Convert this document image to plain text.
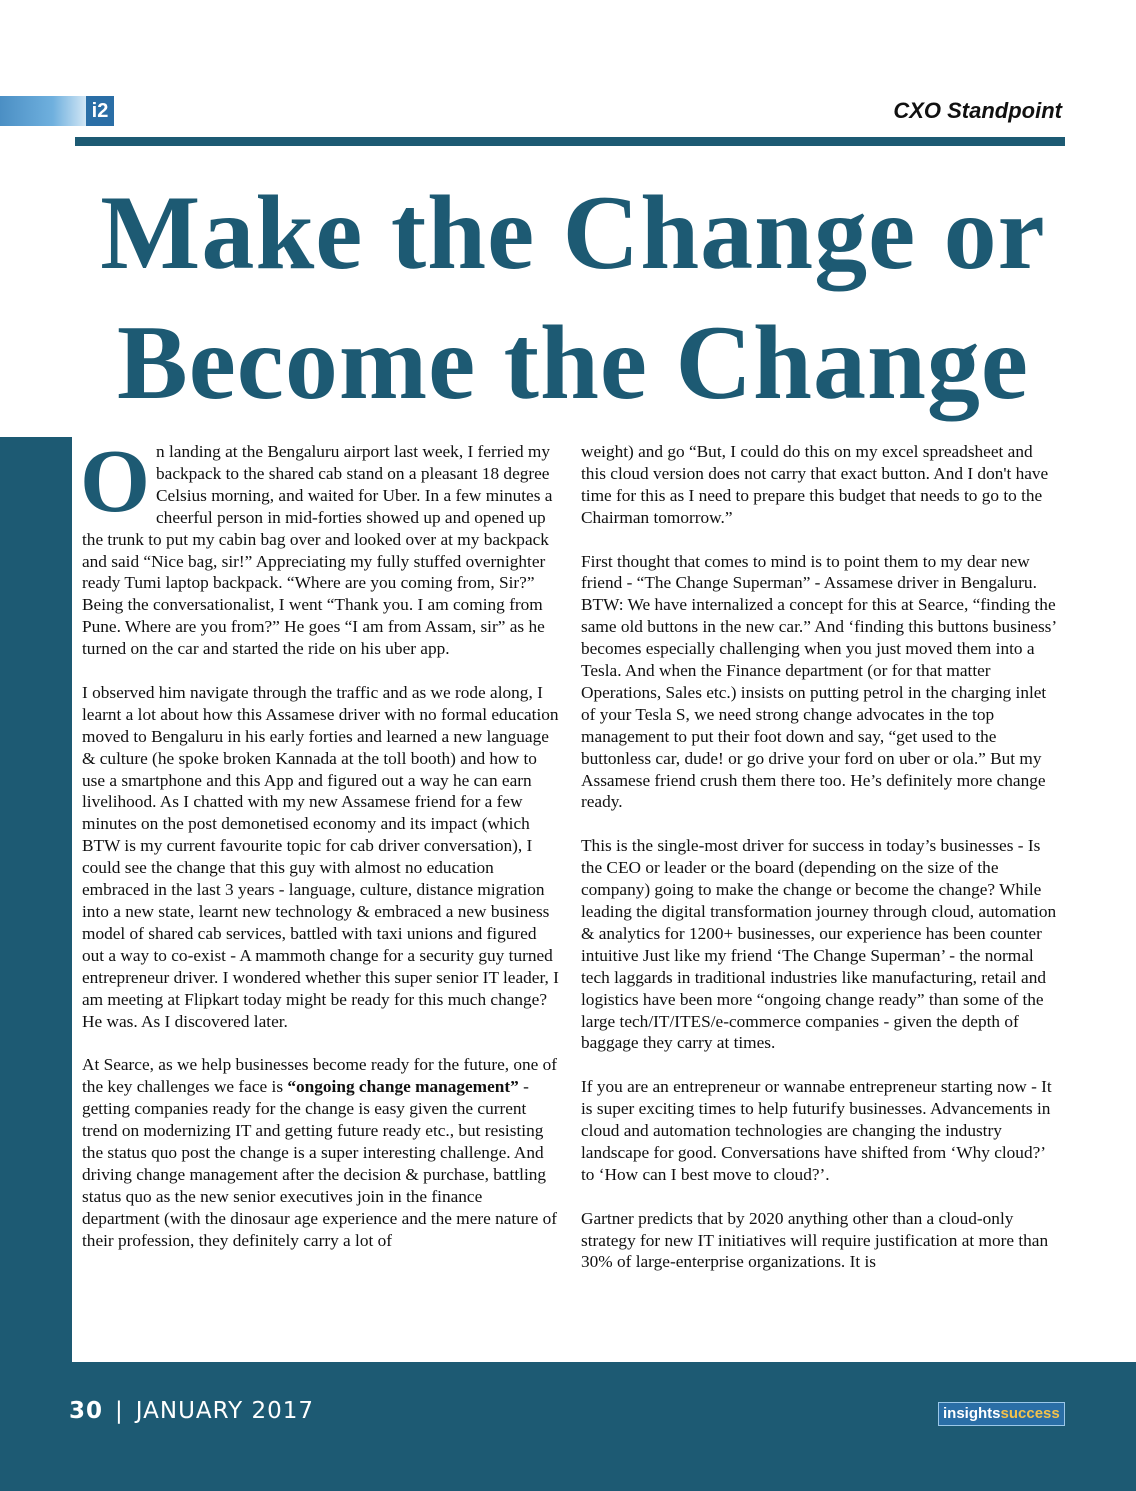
i2	CXO Standpoint
Make the Change or
Become the Change

On landing at the Bengaluru airport last week, I ferried my backpack to the shared cab stand on a pleasant 18 degree Celsius morning, and waited for Uber. In a few minutes a cheerful person in mid-forties showed up and opened up the trunk to put my cabin bag over and looked over at my backpack and said “Nice bag, sir!” Appreciating my fully stuffed overnighter ready Tumi laptop backpack. “Where are you coming from, Sir?” Being the conversationalist, I went “Thank you. I am coming from Pune. Where are you from?” He goes “I am from Assam, sir” as he turned on the car and started the ride on his uber app.

I observed him navigate through the traffic and as we rode along, I learnt a lot about how this Assamese driver with no formal education moved to Bengaluru in his early forties and learned a new language & culture (he spoke broken Kannada at the toll booth) and how to use a smartphone and this App and figured out a way he can earn livelihood. As I chatted with my new Assamese friend for a few minutes on the post demonetised economy and its impact (which BTW is my current favourite topic for cab driver conversation), I could see the change that this guy with almost no education embraced in the last 3 years - language, culture, distance migration into a new state, learnt new technology & embraced a new business model of shared cab services, battled with taxi unions and figured out a way to co-exist - A mammoth change for a security guy turned entrepreneur driver. I wondered whether this super senior IT leader, I am meeting at Flipkart today might be ready for this much change? He was. As I discovered later.

At Searce, as we help businesses become ready for the future, one of the key challenges we face is “ongoing change management” - getting companies ready for the change is easy given the current trend on modernizing IT and getting future ready etc., but resisting the status quo post the change is a super interesting challenge. And driving change management after the decision & purchase, battling status quo as the new senior executives join in the finance department (with the dinosaur age experience and the mere nature of their profession, they definitely carry a lot of

weight) and go “But, I could do this on my excel spreadsheet and this cloud version does not carry that exact button. And I don't have time for this as I need to prepare this budget that needs to go to the Chairman tomorrow.”

First thought that comes to mind is to point them to my dear new friend - “The Change Superman” - Assamese driver in Bengaluru. BTW: We have internalized a concept for this at Searce, “finding the same old buttons in the new car.” And ‘finding this buttons business’ becomes especially challenging when you just moved them into a Tesla. And when the Finance department (or for that matter Operations, Sales etc.) insists on putting petrol in the charging inlet of your Tesla S, we need strong change advocates in the top management to put their foot down and say, “get used to the buttonless car, dude! or go drive your ford on uber or ola.” But my Assamese friend crush them there too. He’s definitely more change ready.

This is the single-most driver for success in today’s businesses - Is the CEO or leader or the board (depending on the size of the company) going to make the change or become the change? While leading the digital transformation journey through cloud, automation & analytics for 1200+ businesses, our experience has been counter intuitive Just like my friend ‘The Change Superman’ - the normal tech laggards in traditional industries like manufacturing, retail and logistics have been more “ongoing change ready” than some of the large tech/IT/ITES/e-commerce companies - given the depth of baggage they carry at times.

If you are an entrepreneur or wannabe entrepreneur starting now - It is super exciting times to help futurify businesses. Advancements in cloud and automation technologies are changing the industry landscape for good. Conversations have shifted from ‘Why cloud?’ to ‘How can I best move to cloud?’.

Gartner predicts that by 2020 anything other than a cloud-only strategy for new IT initiatives will require justification at more than 30% of large-enterprise organizations. It is

30 | JANUARY 2017	insightssuccess
